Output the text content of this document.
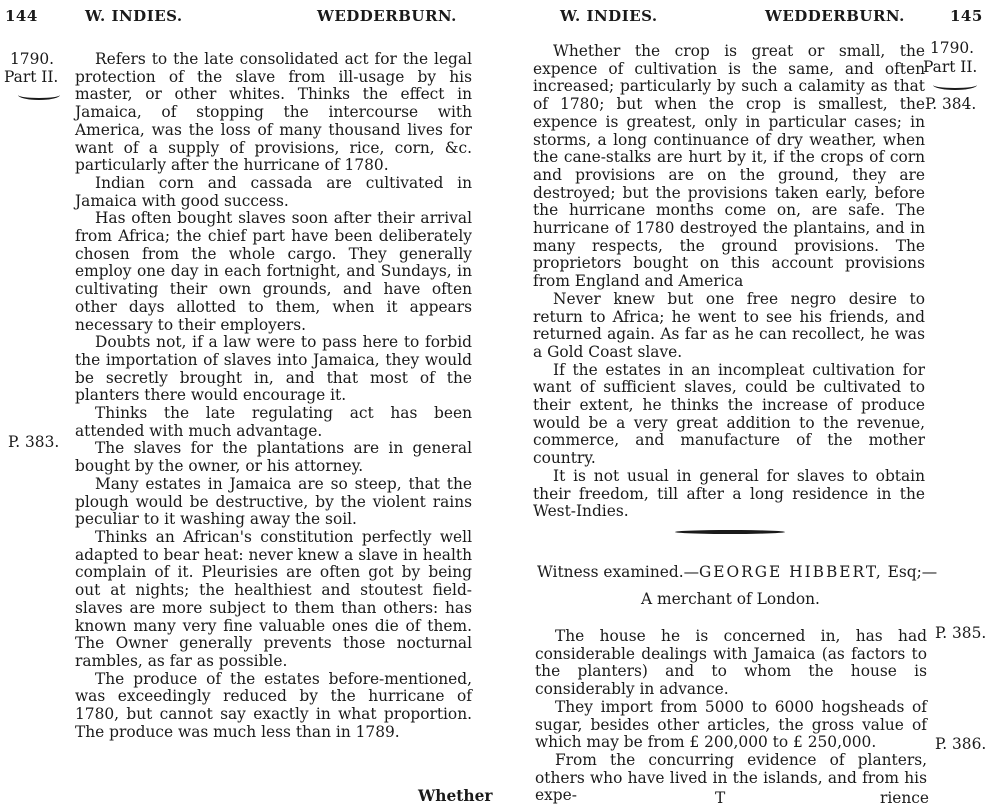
144	W. INDIES.	WEDDERBURN.
1790.
Part II.
P. 383.

Refers to the late consolidated act for the legal protection of the slave from ill-usage by his master, or other whites. Thinks the effect in Jamaica, of stopping the intercourse with America, was the loss of many thousand lives for want of a supply of provisions, rice, corn, &c. particularly after the hurricane of 1780.

Indian corn and cassada are cultivated in Jamaica with good success.

Has often bought slaves soon after their arrival from Africa; the chief part have been deliberately chosen from the whole cargo. They generally employ one day in each fortnight, and Sundays, in cultivating their own grounds, and have often other days allotted to them, when it appears necessary to their employers.

Doubts not, if a law were to pass here to forbid the importation of slaves into Jamaica, they would be secretly brought in, and that most of the planters there would encourage it.

Thinks the late regulating act has been attended with much advantage.

The slaves for the plantations are in general bought by the owner, or his attorney.

Many estates in Jamaica are so steep, that the plough would be destructive, by the violent rains peculiar to it washing away the soil.

Thinks an African's constitution perfectly well adapted to bear heat: never knew a slave in health complain of it. Pleurisies are often got by being out at nights; the healthiest and stoutest field-slaves are more subject to them than others: has known many very fine valuable ones die of them. The Owner generally prevents those nocturnal rambles, as far as possible.

The produce of the estates before-mentioned, was exceedingly reduced by the hurricane of 1780, but cannot say exactly in what proportion. The produce was much less than in 1789.

Whether
W. INDIES.	WEDDERBURN.	145
1790.
Part II.
P. 384.

Whether the crop is great or small, the expence of cultivation is the same, and often increased; particularly by such a calamity as that of 1780; but when the crop is smallest, the expence is greatest, only in particular cases; in storms, a long continuance of dry weather, when the cane-stalks are hurt by it, if the crops of corn and provisions are on the ground, they are destroyed; but the provisions taken early, before the hurricane months come on, are safe. The hurricane of 1780 destroyed the plantains, and in many respects, the ground provisions. The proprietors bought on this account provisions from England and America

Never knew but one free negro desire to return to Africa; he went to see his friends, and returned again. As far as he can recollect, he was a Gold Coast slave.

If the estates in an incompleat cultivation for want of sufficient slaves, could be cultivated to their extent, he thinks the increase of produce would be a very great addition to the revenue, commerce, and manufacture of the mother country.

It is not usual in general for slaves to obtain their freedom, till after a long residence in the West-Indies.

Witness examined.—GEORGE HIBBERT, Esq;—
A merchant of London.
P. 385.
P. 386.

The house he is concerned in, has had considerable dealings with Jamaica (as factors to the planters) and to whom the house is considerably in advance.

They import from 5000 to 6000 hogsheads of sugar, besides other articles, the gross value of which may be from £ 200,000 to £ 250,000.

From the concurring evidence of planters, others who have lived in the islands, and from his expe-	T	rience
